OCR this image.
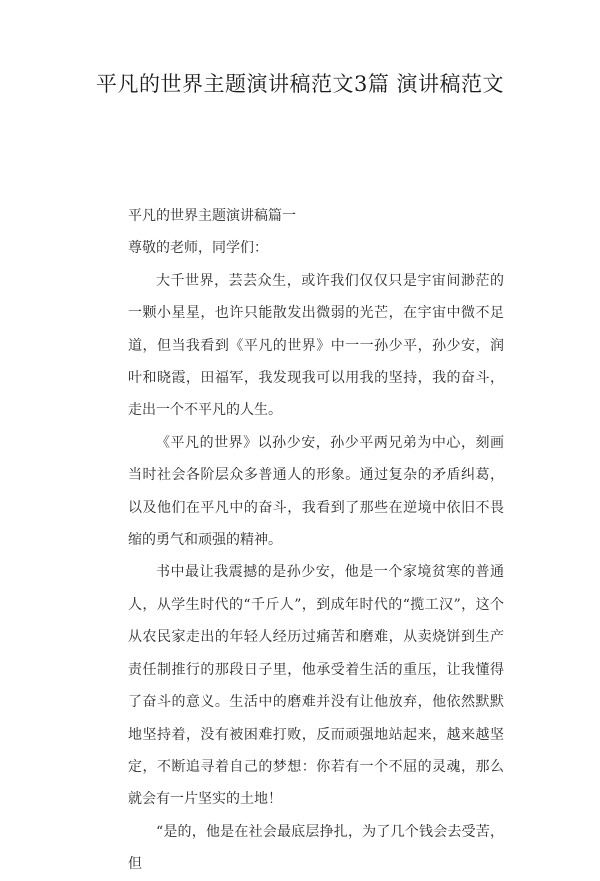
平凡的世界主题演讲稿范文3篇 演讲稿范文

平凡的世界主题演讲稿篇一

尊敬的老师，同学们：

大千世界，芸芸众生，或许我们仅仅只是宇宙间渺茫的一颗小星星，也许只能散发出微弱的光芒，在宇宙中微不足道，但当我看到《平凡的世界》中一一孙少平，孙少安，润叶和晓霞，田福军，我发现我可以用我的坚持，我的奋斗，走出一个不平凡的人生。

《平凡的世界》以孙少安，孙少平两兄弟为中心，刻画当时社会各阶层众多普通人的形象。通过复杂的矛盾纠葛，以及他们在平凡中的奋斗，我看到了那些在逆境中依旧不畏缩的勇气和顽强的精神。

书中最让我震撼的是孙少安，他是一个家境贫寒的普通人，从学生时代的“千斤人”，到成年时代的“揽工汉”，这个从农民家走出的年轻人经历过痛苦和磨难，从卖烧饼到生产责任制推行的那段日子里，他承受着生活的重压，让我懂得了奋斗的意义。生活中的磨难并没有让他放弃，他依然默默地坚持着，没有被困难打败，反而顽强地站起来，越来越坚定，不断追寻着自己的梦想：你若有一个不屈的灵魂，那么就会有一片坚实的土地！

“是的，他是在社会最底层挣扎，为了几个钱会去受苦，但
